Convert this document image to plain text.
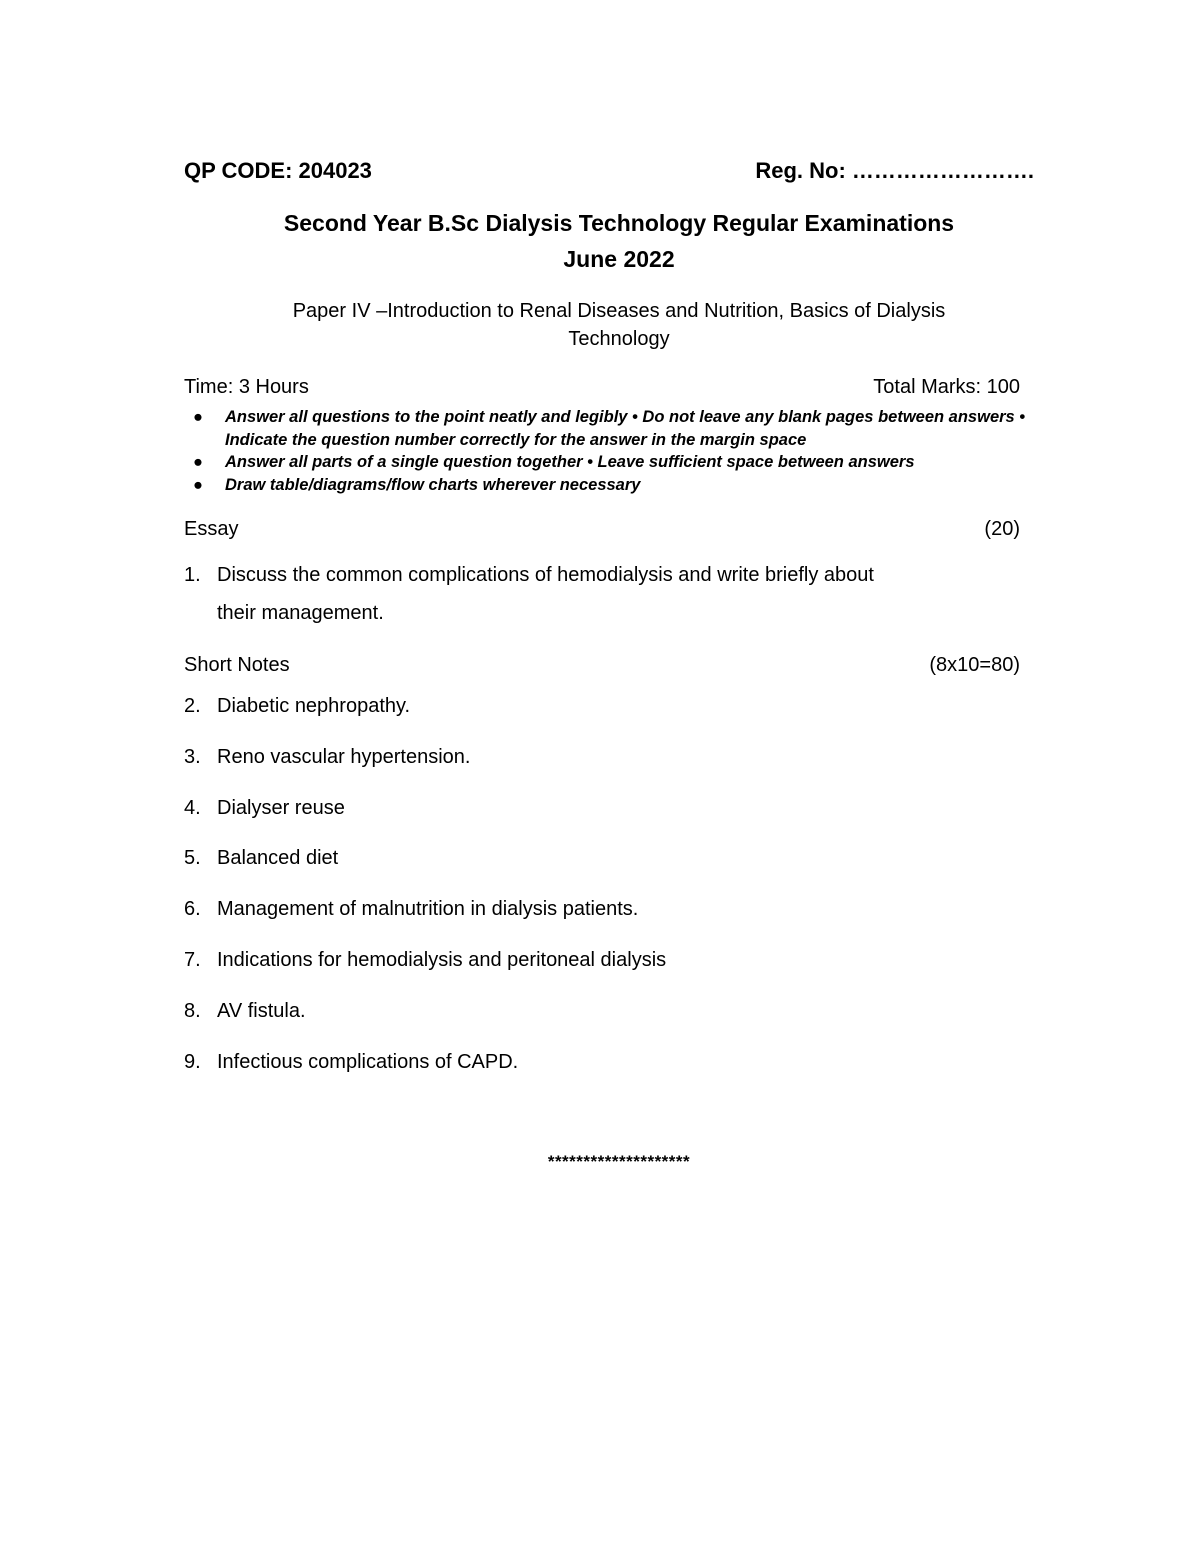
QP CODE: 204023	Reg. No: …………………….
Second Year B.Sc Dialysis Technology Regular Examinations
June 2022
Paper IV –Introduction to Renal Diseases and Nutrition, Basics of Dialysis
Technology
Time: 3 Hours	Total Marks: 100
● Answer all questions to the point neatly and legibly • Do not leave any blank pages between answers • Indicate the question number correctly for the answer in the margin space
● Answer all parts of a single question together • Leave sufficient space between answers
● Draw table/diagrams/flow charts wherever necessary
Essay	(20)
1. Discuss the common complications of hemodialysis and write briefly about their management.
Short Notes	(8x10=80)
2. Diabetic nephropathy.
3. Reno vascular hypertension.
4. Dialyser reuse
5. Balanced diet
6. Management of malnutrition in dialysis patients.
7. Indications for hemodialysis and peritoneal dialysis
8. AV fistula.
9. Infectious complications of CAPD.
********************
